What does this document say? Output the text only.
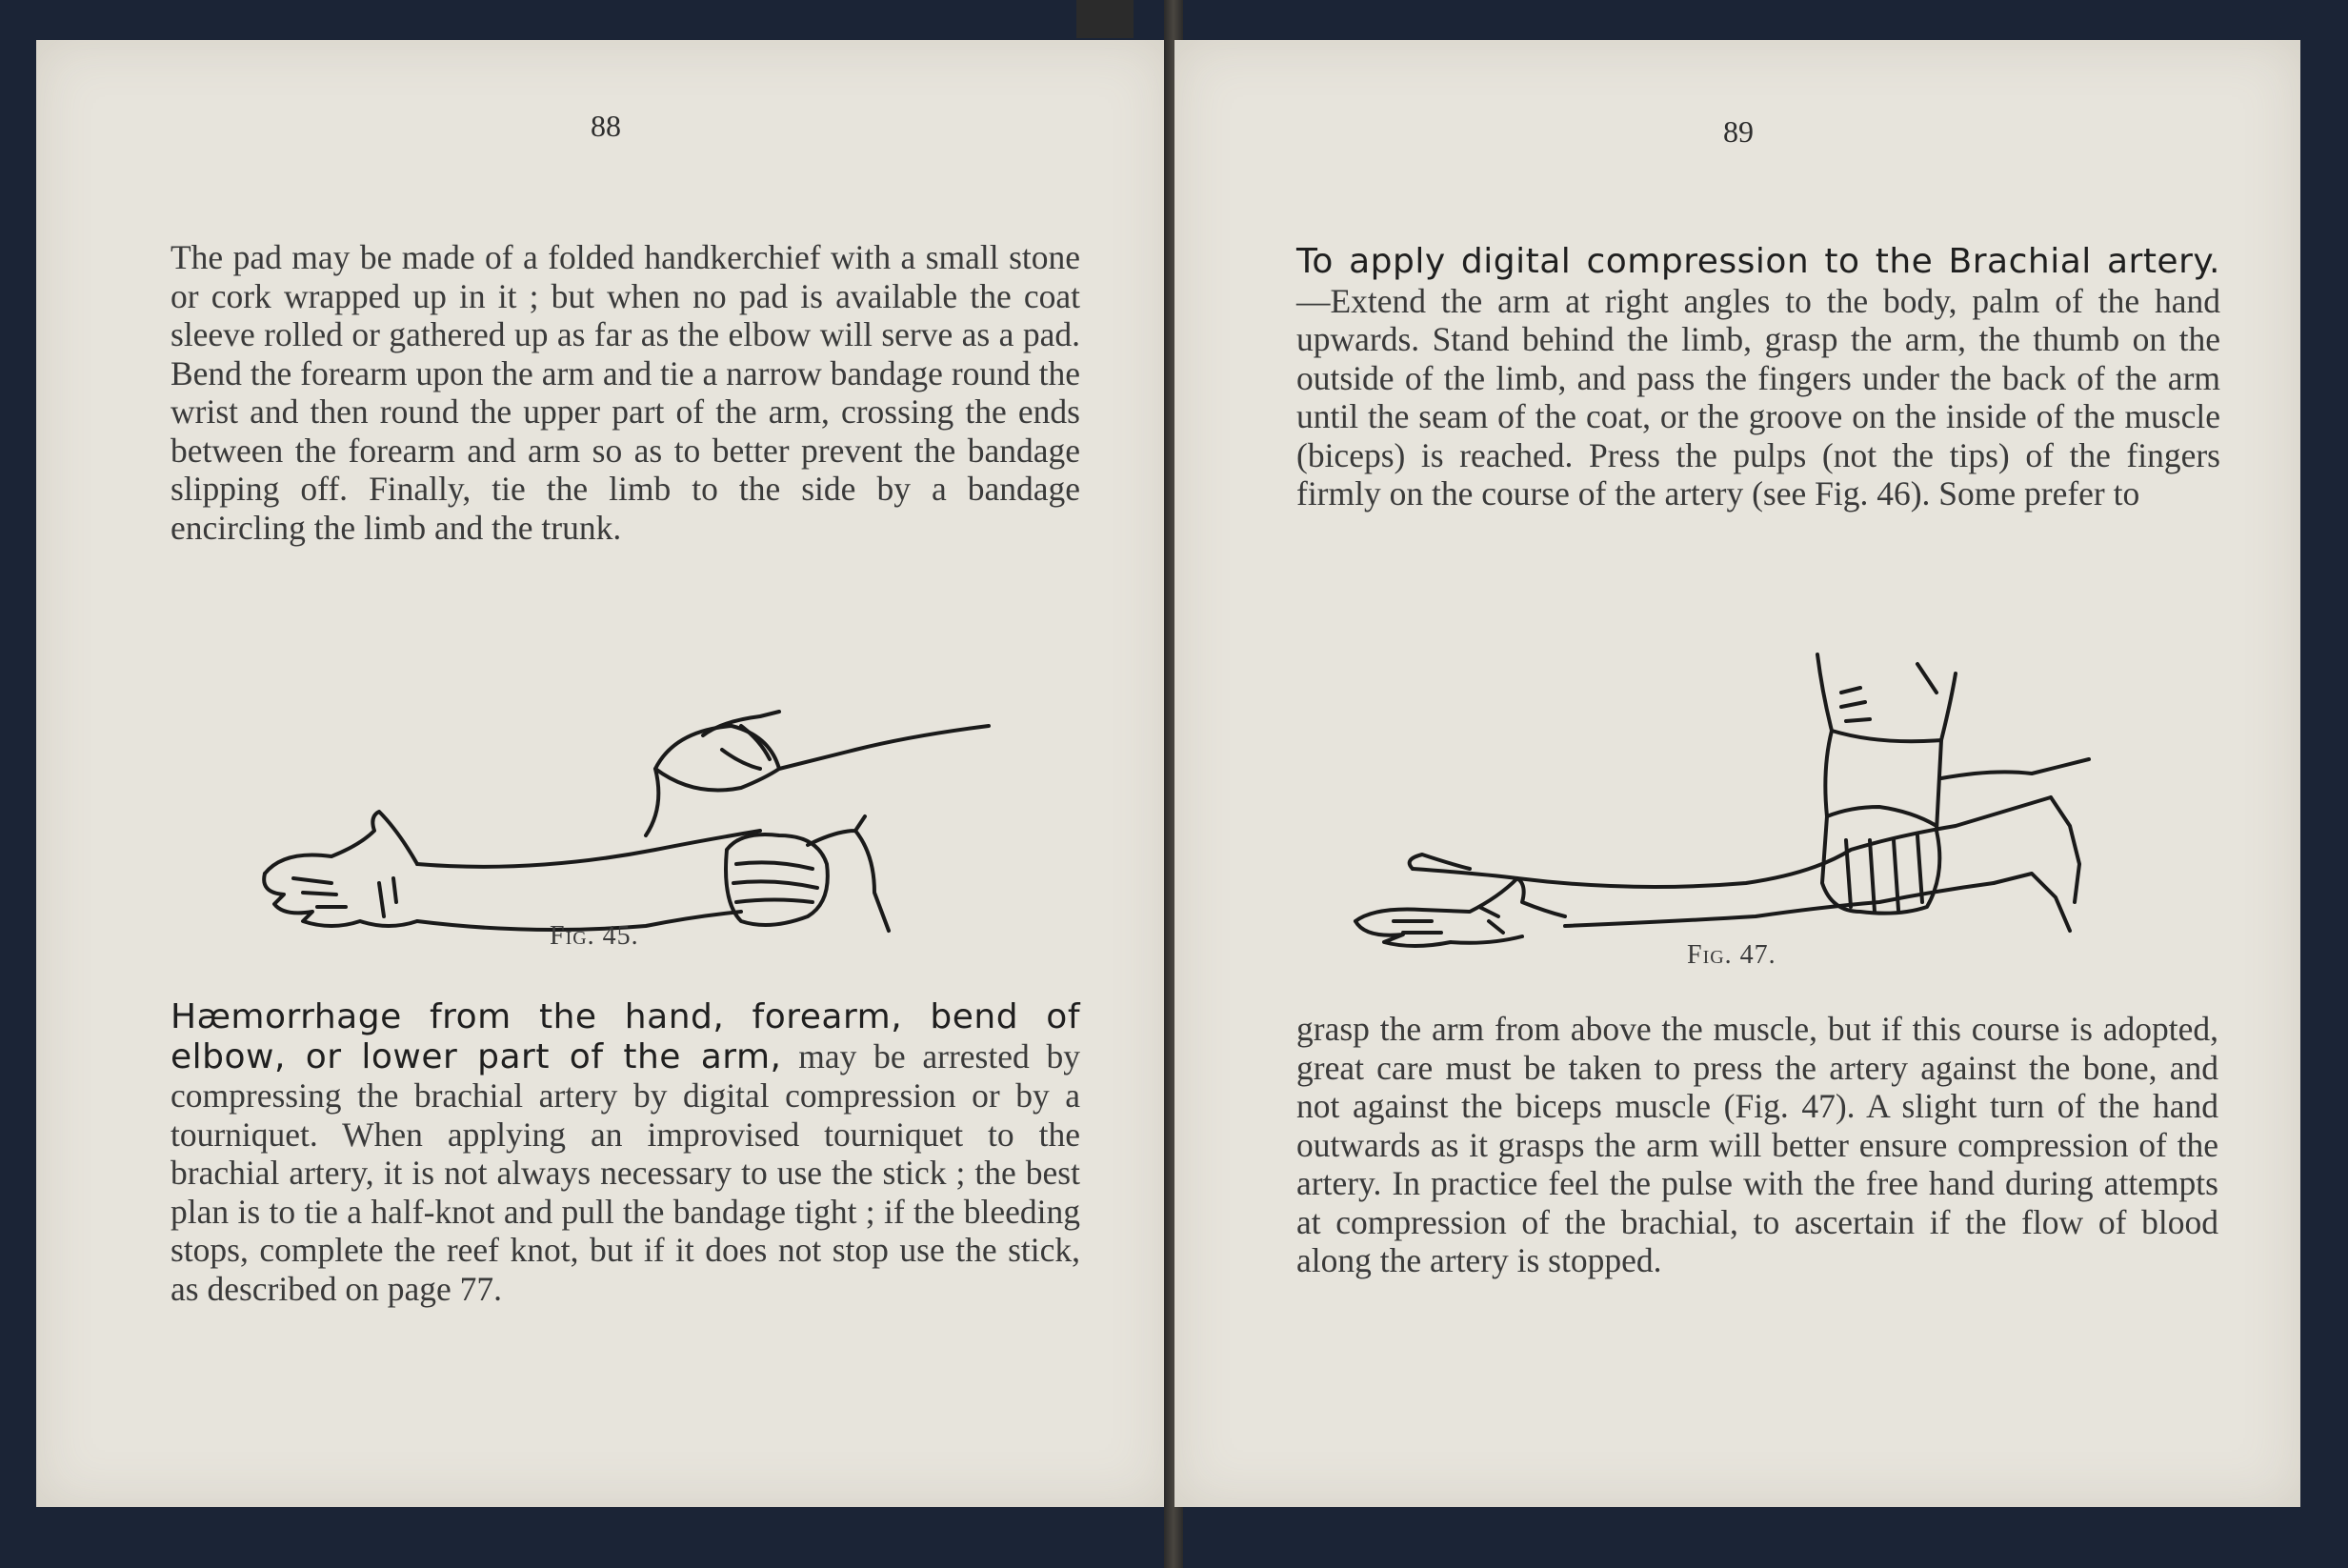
88
The pad may be made of a folded handkerchief with a small stone or cork wrapped up in it ; but when no pad is available the coat sleeve rolled or gathered up as far as the elbow will serve as a pad. Bend the forearm upon the arm and tie a narrow bandage round the wrist and then round the upper part of the arm, crossing the ends between the forearm and arm so as to better prevent the bandage slipping off. Finally, tie the limb to the side by a bandage encircling the limb and the trunk.
Fig. 45.
Hæmorrhage from the hand, forearm, bend of elbow, or lower part of the arm, may be arrested by compressing the brachial artery by digital compression or by a tourniquet. When applying an improvised tourniquet to the brachial artery, it is not always necessary to use the stick ; the best plan is to tie a half-knot and pull the bandage tight ; if the bleeding stops, complete the reef knot, but if it does not stop use the stick, as described on page 77.
89
To apply digital compression to the Brachial artery. —Extend the arm at right angles to the body, palm of the hand upwards. Stand behind the limb, grasp the arm, the thumb on the outside of the limb, and pass the fingers under the back of the arm until the seam of the coat, or the groove on the inside of the muscle (biceps) is reached. Press the pulps (not the tips) of the fingers firmly on the course of the artery (see Fig. 46). Some prefer to
Fig. 47.
grasp the arm from above the muscle, but if this course is adopted, great care must be taken to press the artery against the bone, and not against the biceps muscle (Fig. 47). A slight turn of the hand outwards as it grasps the arm will better ensure compression of the artery. In practice feel the pulse with the free hand during attempts at compression of the brachial, to ascertain if the flow of blood along the artery is stopped.
